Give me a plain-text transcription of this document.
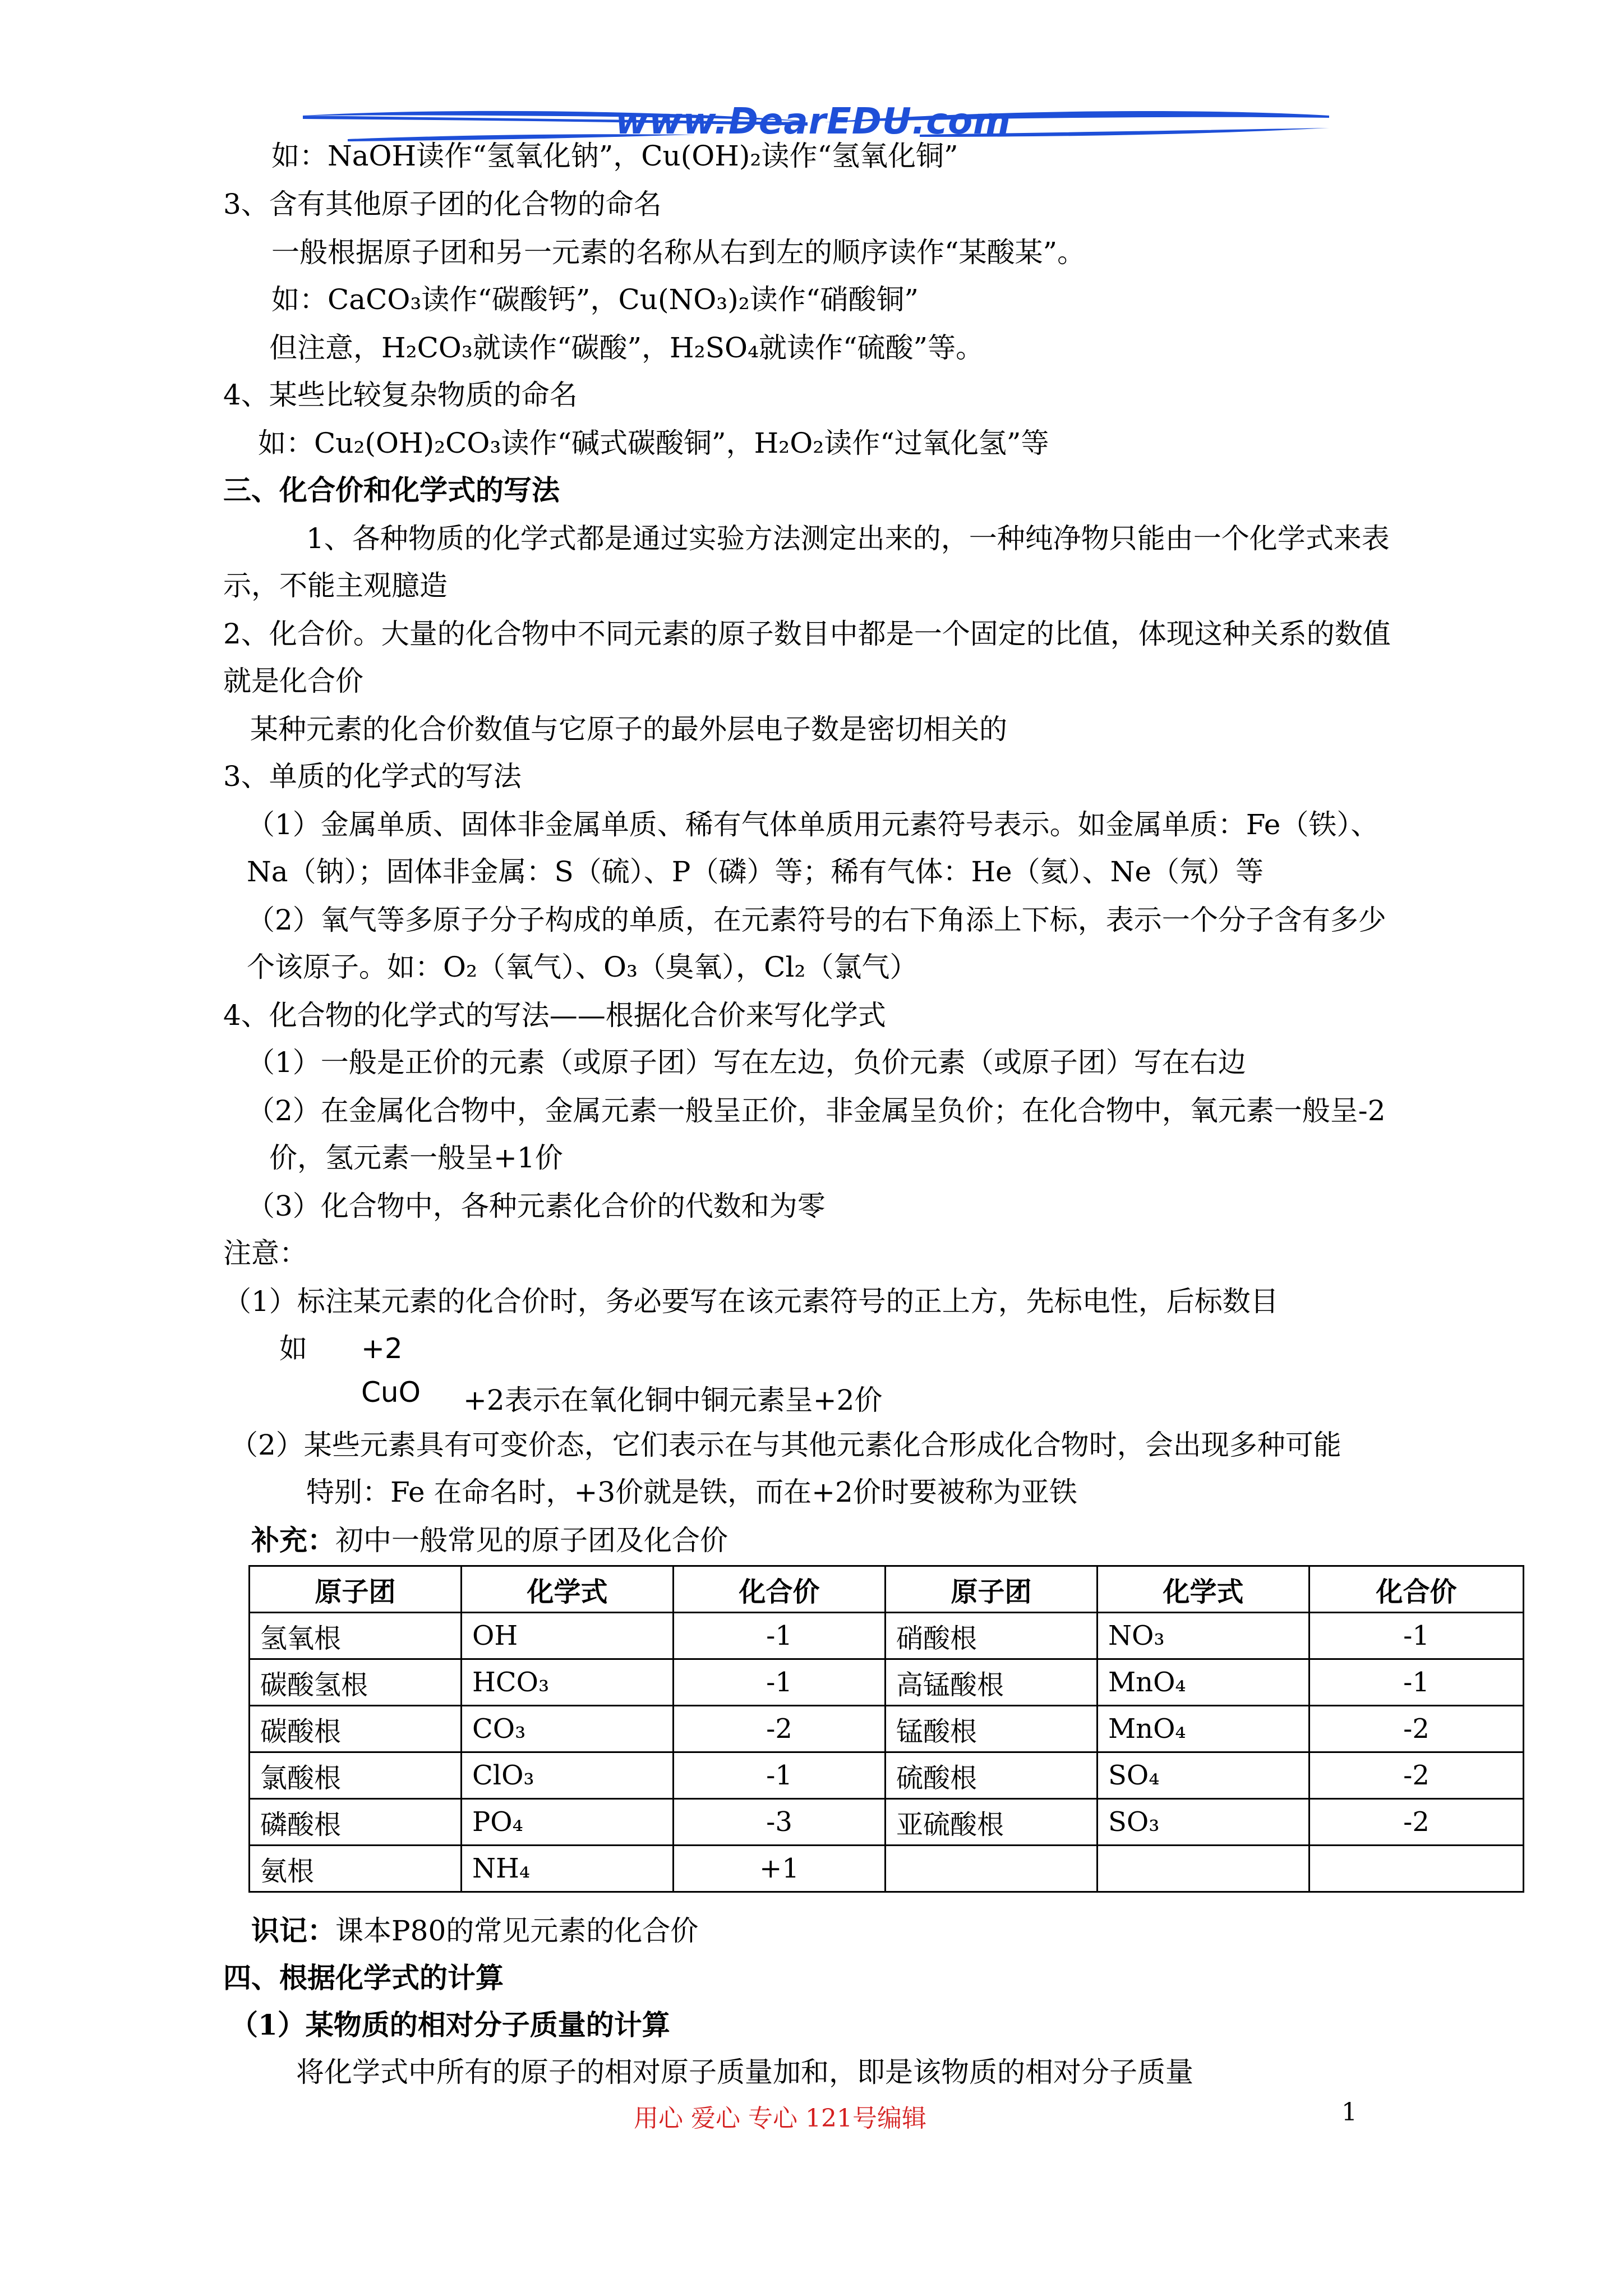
www.DearEDU.com
如：NaOH读作“氢氧化钠”，Cu(OH)₂读作“氢氧化铜”
3、含有其他原子团的化合物的命名
一般根据原子团和另一元素的名称从右到左的顺序读作“某酸某”。
如：CaCO₃读作“碳酸钙”，Cu(NO₃)₂读作“硝酸铜”
但注意，H₂CO₃就读作“碳酸”，H₂SO₄就读作“硫酸”等。
4、某些比较复杂物质的命名
如：Cu₂(OH)₂CO₃读作“碱式碳酸铜”，H₂O₂读作“过氧化氢”等
三、化合价和化学式的写法
1、各种物质的化学式都是通过实验方法测定出来的，一种纯净物只能由一个化学式来表
示，不能主观臆造
2、化合价。大量的化合物中不同元素的原子数目中都是一个固定的比值，体现这种关系的数值
就是化合价
某种元素的化合价数值与它原子的最外层电子数是密切相关的
3、单质的化学式的写法
（1）金属单质、固体非金属单质、稀有气体单质用元素符号表示。如金属单质：Fe（铁）、
Na（钠）；固体非金属：S（硫）、P（磷）等；稀有气体：He（氦）、Ne（氖）等
（2）氧气等多原子分子构成的单质，在元素符号的右下角添上下标，表示一个分子含有多少
个该原子。如：O₂（氧气）、O₃（臭氧），Cl₂（氯气）
4、化合物的化学式的写法——根据化合价来写化学式
（1）一般是正价的元素（或原子团）写在左边，负价元素（或原子团）写在右边
（2）在金属化合物中，金属元素一般呈正价，非金属呈负价；在化合物中，氧元素一般呈-2
价，氢元素一般呈+1价
（3）化合物中，各种元素化合价的代数和为零
注意：
（1）标注某元素的化合价时，务必要写在该元素符号的正上方，先标电性，后标数目
如 +2
CuO +2表示在氧化铜中铜元素呈+2价
（2）某些元素具有可变价态，它们表示在与其他元素化合形成化合物时，会出现多种可能
特别：Fe 在命名时，+3价就是铁，而在+2价时要被称为亚铁
补充：初中一般常见的原子团及化合价
原子团	化学式	化合价	原子团	化学式	化合价
氢氧根	OH	-1	硝酸根	NO₃	-1
碳酸氢根	HCO₃	-1	高锰酸根	MnO₄	-1
碳酸根	CO₃	-2	锰酸根	MnO₄	-2
氯酸根	ClO₃	-1	硫酸根	SO₄	-2
磷酸根	PO₄	-3	亚硫酸根	SO₃	-2
氨根	NH₄	+1			
识记：课本P80的常见元素的化合价
四、根据化学式的计算
（1）某物质的相对分子质量的计算
将化学式中所有的原子的相对原子质量加和，即是该物质的相对分子质量
用心 爱心 专心 121号编辑	1
